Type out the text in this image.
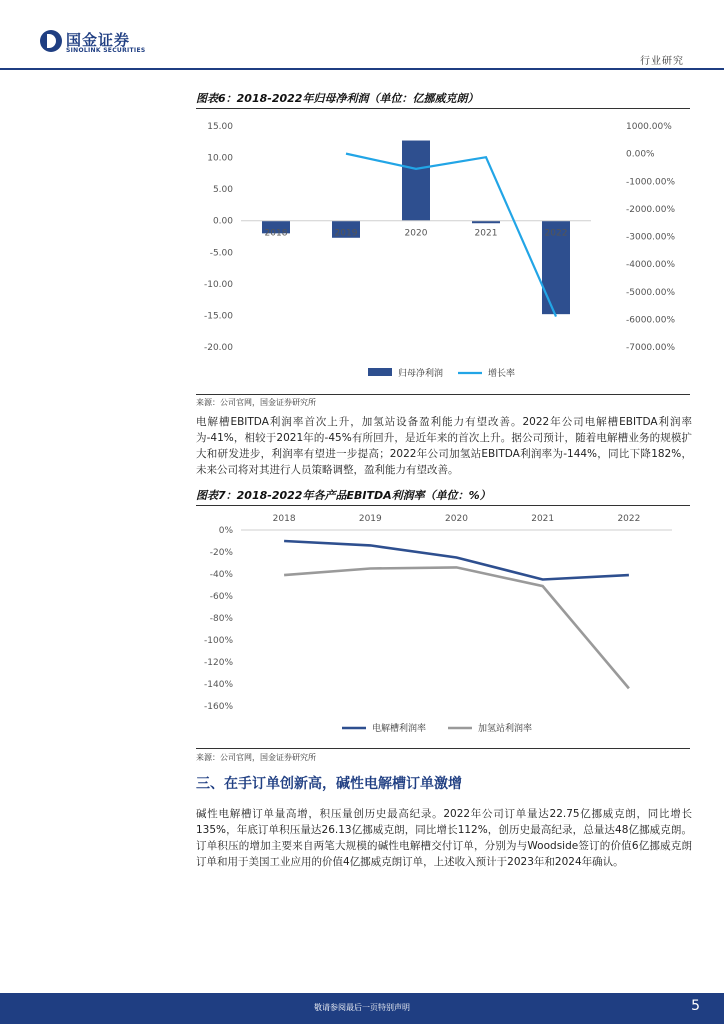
国金证券
SINOLINK SECURITIES
行业研究
图表6：2018-2022年归母净利润（单位：亿挪威克朗）
15.00
10.00
5.00
0.00
-5.00
-10.00
-15.00
-20.00
1000.00%
0.00%
-1000.00%
-2000.00%
-3000.00%
-4000.00%
-5000.00%
-6000.00%
-7000.00%
2018	2019	2020	2021	2022
归母净利润	增长率
来源：公司官网，国金证券研究所

电解槽EBITDA利润率首次上升，加氢站设备盈利能力有望改善。2022年公司电解槽EBITDA利润率为-41%，相较于2021年的-45%有所回升，是近年来的首次上升。据公司预计，随着电解槽业务的规模扩大和研发进步，利润率有望进一步提高；2022年公司加氢站EBITDA利润率为-144%，同比下降182%，未来公司将对其进行人员策略调整，盈利能力有望改善。

图表7：2018-2022年各产品EBITDA利润率（单位：%）
2018	2019	2020	2021	2022
0%
-20%
-40%
-60%
-80%
-100%
-120%
-140%
-160%
电解槽利润率	加氢站利润率
来源：公司官网，国金证券研究所
三、在手订单创新高，碱性电解槽订单激增

碱性电解槽订单量高增，积压量创历史最高纪录。2022年公司订单量达22.75亿挪威克朗，同比增长135%，年底订单积压量达26.13亿挪威克朗，同比增长112%，创历史最高纪录，总量达48亿挪威克朗。订单积压的增加主要来自两笔大规模的碱性电解槽交付订单，分别为与Woodside签订的价值6亿挪威克朗订单和用于美国工业应用的价值4亿挪威克朗订单，上述收入预计于2023年和2024年确认。

敬请参阅最后一页特别声明	5
